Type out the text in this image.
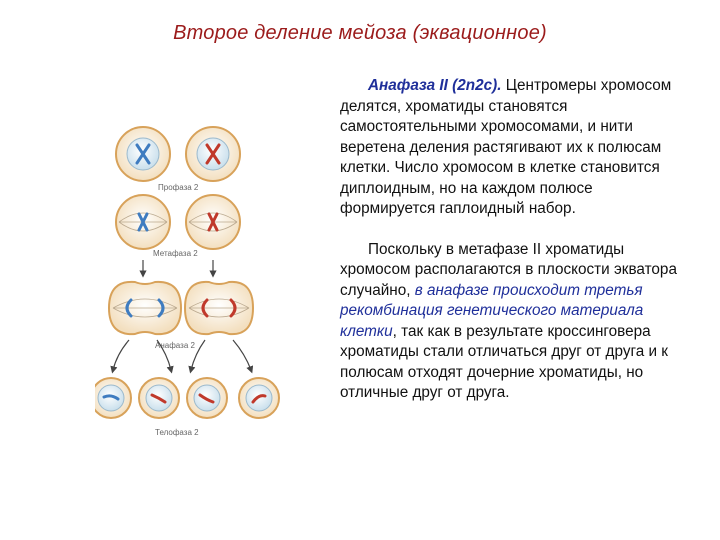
Второе деление мейоза (эквационное)
Профаза 2
Метафаза 2
Анафаза 2
Телофаза 2

Анафаза II (2n2c). Центромеры хромосом делятся, хроматиды становятся самостоятельными хромосомами, и нити веретена деления растягивают их к полюсам клетки. Число хромосом в клетке становится диплоидным, но на каждом полюсе формируется гаплоидный набор.

Поскольку в метафазе II хроматиды хромосом располагаются в плоскости экватора случайно, в анафазе происходит третья рекомбинация генетического материала клетки, так как в результате кроссинговера хроматиды стали отличаться друг от друга и к полюсам отходят дочерние хроматиды, но отличные друг от друга.
